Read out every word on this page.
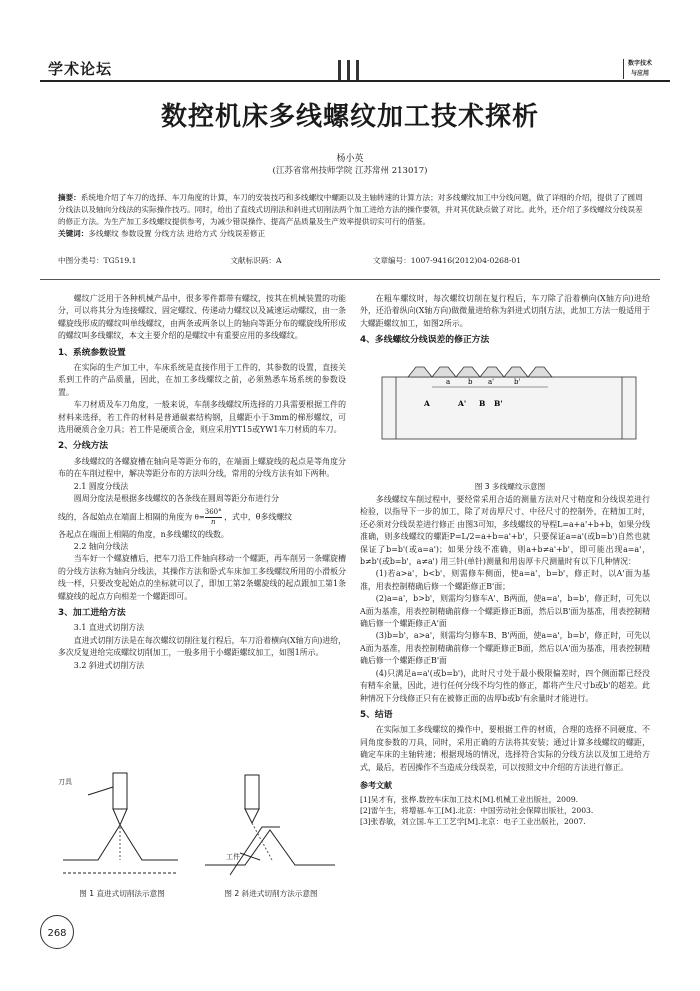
学术论坛	数字技术
与应用
数控机床多线螺纹加工技术探析
杨小英
(江苏省常州技师学院 江苏常州 213017)
摘要：系统地介绍了车刀的选择、车刀角度的计算，车刀的安装技巧和多线螺纹中螺距以及主轴转速的计算方法；对多线螺纹加工中分线问题，做了详细的介绍，提供了了圆周分线法以及轴向分线法的实际操作技巧。同时，给出了直线式切削法和斜进式切削法两个加工进给方法的操作要领，并对其优缺点做了对比。此外，还介绍了多线螺纹分线误差的修正方法。为生产加工多线螺纹提供参考，为减少错误操作、提高产品质量及生产效率提供切实可行的借鉴。
关键词：多线螺纹 参数设置 分线方法 进给方式 分线误差修正
中图分类号：TG519.1	文献标识码：A	文章编号：1007-9416(2012)04-0268-01

螺纹广泛用于各种机械产品中，很多零件都带有螺纹，按其在机械装置的功能分，可以将其分为连接螺纹、固定螺纹、传递动力螺纹以及减速运动螺纹，由一条螺旋线形成的螺纹叫单线螺纹，由两条或两条以上的轴向等距分布的螺旋线所形成的螺纹叫多线螺纹，本文主要介绍的是螺纹中有重要应用的多线螺纹。

1、系统参数设置

在实际的生产加工中，车床系统是直接作用于工件的，其参数的设置，直接关系到工件的产品质量，因此，在加工多线螺纹之前，必须熟悉车场系统的参数设置。

车刀材质及车刀角度，一般来说，车削多线螺纹所选择的刀具需要根据工件的材料来选择，若工件的材料是普通碳素结构钢，且螺距小于3mm的梯形螺纹，可选用硬质合金刀具；若工件是硬质合金，则应采用YT15或YW1车刀材质的车刀。

2、分线方法

多线螺纹的各螺旋槽在轴向是等距分布的，在端面上螺旋线的起点是等角度分布的在车削过程中，解决等距分布的方法叫分线，常用的分线方法有如下两种。

2.1 圆度分线法

圆周分度法是根据多线螺纹的各条线在圆周等距分布进行分

线的，各起始点在端面上相隔的角度为 $\theta= \frac{360^\circ}{n}$ ，式中，θ多线螺纹
各起点在端面上相隔的角度，n多线螺纹的线数。
2.2 轴向分线法

当车好一个螺旋槽后，把车刀沿工件轴向移动一个螺距，再车削另一条螺旋槽的分线方法称为轴向分线法，其操作方法和卧式车床加工多线螺纹所用的小滑板分线一样，只要改变起始点的坐标就可以了，即加工第2条螺旋线的起点跟加工第1条螺旋线的起点方向相差一个螺距即可。

3、加工进给方法
3.1 直进式切削方法

直进式切削方法是在每次螺纹切削往复行程后，车刀沿着横向(X轴方向)进给，多次反复进给完成螺纹切削加工，一般多用于小螺距螺纹加工，如图1所示。

3.2 斜进式切削方法
刀具
图 1 直进式切削法示意图
工件
图 2 斜进式切削方法示意图

在粗车螺纹时，每次螺纹切削在复行程后，车刀除了沿着横向(X轴方向)进给外，还沿着纵向(X轴方向)做微量进给称为斜进式切削方法，此加工方法一般适用于大螺距螺纹加工，如图2所示。

4、多线螺纹分线误差的修正方法
a	b a'	b'
A	A' B B'
图 3 多线螺纹示意图

多线螺纹车削过程中，要经常采用合适的测量方法对尺寸精度和分线误差进行检验，以指导下一步的加工，除了对齿厚尺寸、中径尺寸的控制外，在精加工时，还必须对分线误差进行修正 由图3可知，多线螺纹的导程L=a+a'+b+b，如果分线准确，则多线螺纹的螺距P=L/2=a+b=a'+b'，只要保证a=a'(或b=b')自然也就保证了b=b'(或a=a')；如果分线不准确，则a+b≠a'+b'，即可能出现a=a'，b≠b'(或b=b'，a≠a') 用三针(单针)测量和用齿厚卡尺测量时有以下几种情况：

(1)若a>a'，b<b'，则需修车侧面，使a=a'，b=b'，修正时，以A'面为基准，用表控制精确后修一个螺距修正B'面；

(2)a=a'，b>b'，则需均匀修车A'、B两面，使a=a'，b=b'，修正时，可先以A面为基准，用表控制精确前修一个螺距修正B面，然后以B'面为基准，用表控制精确后修一个螺距修正A'面

(3)b=b'，a>a'，则需均匀修车B、B'两面，使a=a'，b=b'，修正时，可先以A面为基准，用表控制精确前修一个螺距修正B面，然后以A'面为基准，用表控制精确后修一个螺距修正B'面

(4)只满足a=a'(或b=b')，此时尺寸处于最小极限偏差时，四个侧面都已经没有精车余量，因此，进行任何分线不均匀性的修正，都将产生尺寸b或b'的超差。此种情况下分线修正只有在被修正面的齿厚b或b'有余量时才能进行。

5、结语

在实际加工多线螺纹的操作中，要根据工件的材质，合理的选择不同硬度、不同角度参数的刀具，同时，采用正确的方法将其安装；通过计算多线螺纹的螺距，确定车床的主轴转速；根据现场的情况，选择符合实际的分线方法以及加工进给方式，最后，若因操作不当造成分线误差，可以按照文中介绍的方法进行修正。

参考文献
[1]吴才有，张桦.数控车床加工技术[M].机械工业出版社，2009.
[2]雷午生，将增福.车工[M].北京：中国劳动社会保障出版社，2003.
[3]张春敏，刘立国.车工工艺学[M].北京：电子工业出版社，2007.
268
